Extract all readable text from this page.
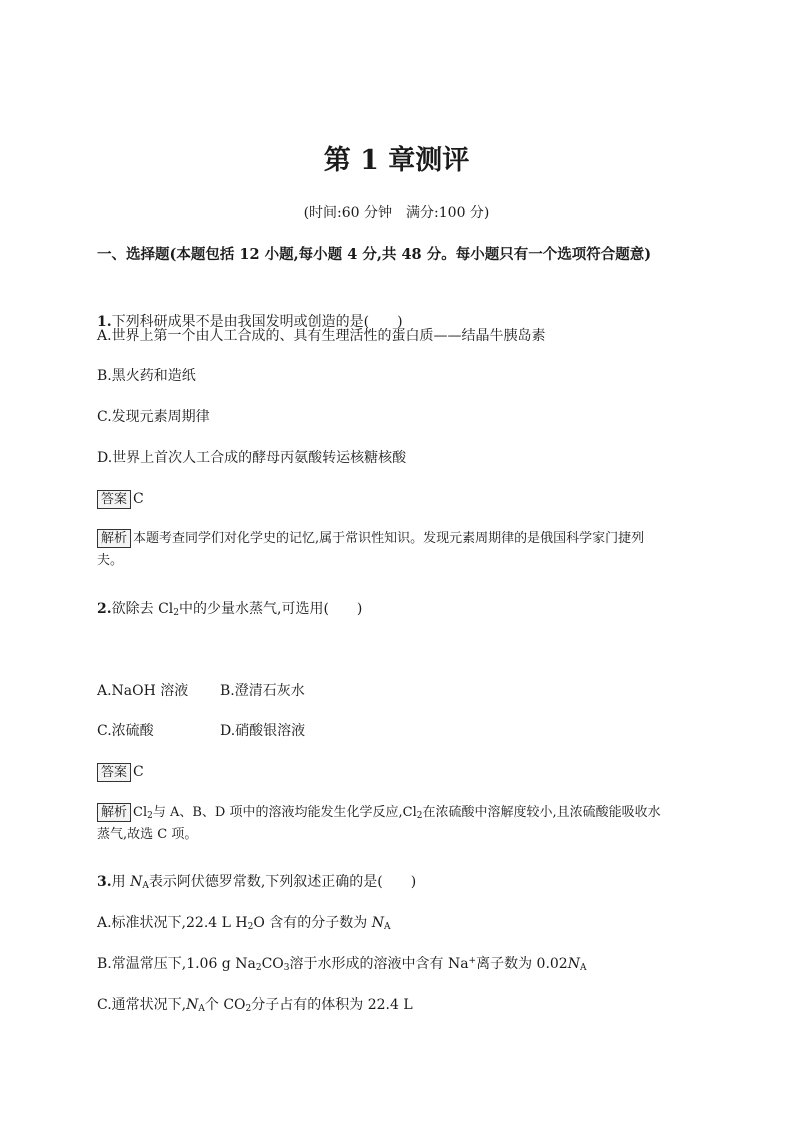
第 1 章测评
(时间:60 分钟　满分:100 分)
一、选择题(本题包括 12 小题,每小题 4 分,共 48 分。每小题只有一个选项符合题意)
1.下列科研成果不是由我国发明或创造的是(　　)
A.世界上第一个由人工合成的、具有生理活性的蛋白质——结晶牛胰岛素
B.黑火药和造纸
C.发现元素周期律
D.世界上首次人工合成的酵母丙氨酸转运核糖核酸
答案 C
解析 本题考查同学们对化学史的记忆,属于常识性知识。发现元素周期律的是俄国科学家门捷列
夫。
2.欲除去 $Cl_2$中的少量水蒸气,可选用(　　)
A.NaOH 溶液 B.澄清石灰水
C.浓硫酸	D.硝酸银溶液
答案 C
解析 $Cl_2$与 A、B、D 项中的溶液均能发生化学反应$,Cl_2$在浓硫酸中溶解度较小,且浓硫酸能吸收水
蒸气,故选 C 项。
3.用 $N_A$表示阿伏德罗常数,下列叙述正确的是(　　)
A.标准状况下,22.4 L $H_2O$ 含有的分子数为 $N_A$
B.常温常压下,1.06 g $Na_2CO_3$溶于水形成的溶液中含有 Na+离子数为 $0.02N_A$
C.通常状况下$,N_A$个 $CO_2$分子占有的体积为 22.4 L
